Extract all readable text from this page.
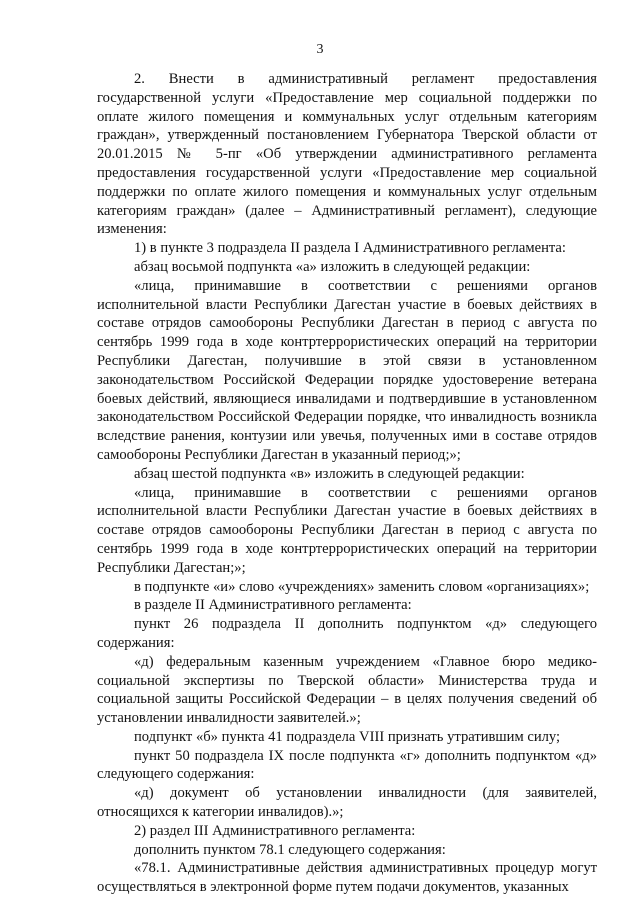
3

2. Внести в административный регламент предоставления государственной услуги «Предоставление мер социальной поддержки по оплате жилого помещения и коммунальных услуг отдельным категориям граждан», утвержденный постановлением Губернатора Тверской области от 20.01.2015 № 5-пг «Об утверждении административного регламента предоставления государственной услуги «Предоставление мер социальной поддержки по оплате жилого помещения и коммунальных услуг отдельным категориям граждан» (далее – Административный регламент), следующие изменения:

1) в пункте 3 подраздела II раздела I Административного регламента:

абзац восьмой подпункта «а» изложить в следующей редакции:

«лица, принимавшие в соответствии с решениями органов исполнительной власти Республики Дагестан участие в боевых действиях в составе отрядов самообороны Республики Дагестан в период с августа по сентябрь 1999 года в ходе контртеррористических операций на территории Республики Дагестан, получившие в этой связи в установленном законодательством Российской Федерации порядке удостоверение ветерана боевых действий, являющиеся инвалидами и подтвердившие в установленном законодательством Российской Федерации порядке, что инвалидность возникла вследствие ранения, контузии или увечья, полученных ими в составе отрядов самообороны Республики Дагестан в указанный период;»;

абзац шестой подпункта «в» изложить в следующей редакции:

«лица, принимавшие в соответствии с решениями органов исполнительной власти Республики Дагестан участие в боевых действиях в составе отрядов самообороны Республики Дагестан в период с августа по сентябрь 1999 года в ходе контртеррористических операций на территории Республики Дагестан;»;

в подпункте «и» слово «учреждениях» заменить словом «организациях»;

в разделе II Административного регламента:

пункт 26 подраздела II дополнить подпунктом «д» следующего содержания:

«д) федеральным казенным учреждением «Главное бюро медико-социальной экспертизы по Тверской области» Министерства труда и социальной защиты Российской Федерации – в целях получения сведений об установлении инвалидности заявителей.»;

подпункт «б» пункта 41 подраздела VIII признать утратившим силу;

пункт 50 подраздела IX после подпункта «г» дополнить подпунктом «д» следующего содержания:

«д) документ об установлении инвалидности (для заявителей, относящихся к категории инвалидов).»;

2) раздел III Административного регламента:

дополнить пунктом 78.1 следующего содержания:

«78.1. Административные действия административных процедур могут осуществляться в электронной форме путем подачи документов, указанных
